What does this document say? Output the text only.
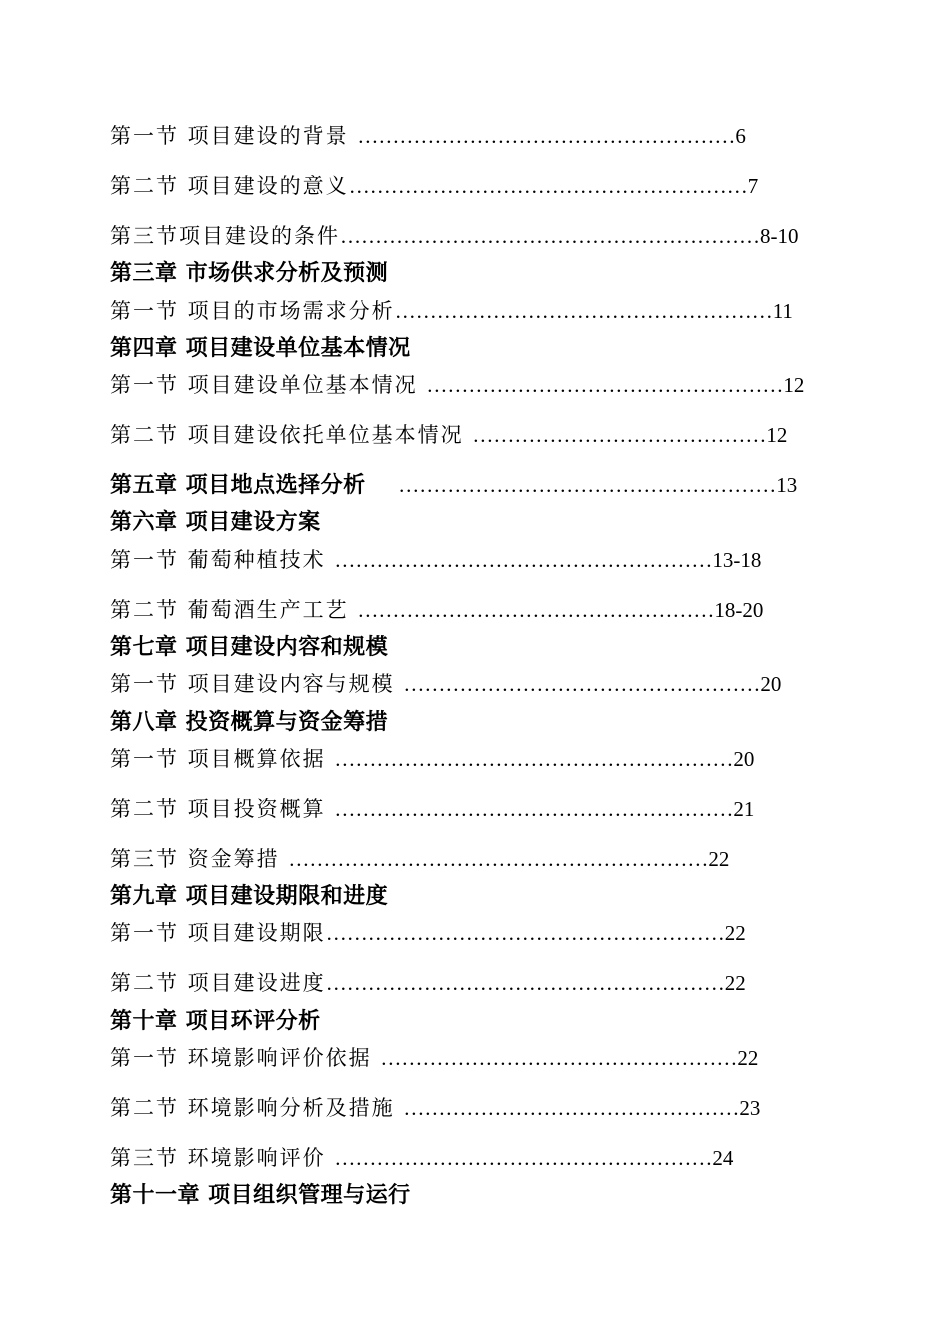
第一节 项目建设的背景 ………………………………………………6
第二节 项目建设的意义…………………………………………………7
第三节项目建设的条件……………………………………………………8-10
第三章 市场供求分析及预测
第一节 项目的市场需求分析………………………………………………11
第四章 项目建设单位基本情况
第一节 项目建设单位基本情况 ……………………………………………12
第二节 项目建设依托单位基本情况 ……………………………………12
第五章 项目地点选择分析    ………………………………………………13
第六章 项目建设方案
第一节 葡萄种植技术 ………………………………………………13-18
第二节 葡萄酒生产工艺 ……………………………………………18-20
第七章 项目建设内容和规模
第一节 项目建设内容与规模 ……………………………………………20
第八章 投资概算与资金筹措
第一节 项目概算依据 …………………………………………………20
第二节 项目投资概算 …………………………………………………21
第三节 资金筹措 ……………………………………………………22
第九章 项目建设期限和进度
第一节 项目建设期限…………………………………………………22
第二节 项目建设进度…………………………………………………22
第十章 项目环评分析
第一节 环境影响评价依据 ……………………………………………22
第二节 环境影响分析及措施 …………………………………………23
第三节 环境影响评价 ………………………………………………24
第十一章 项目组织管理与运行
